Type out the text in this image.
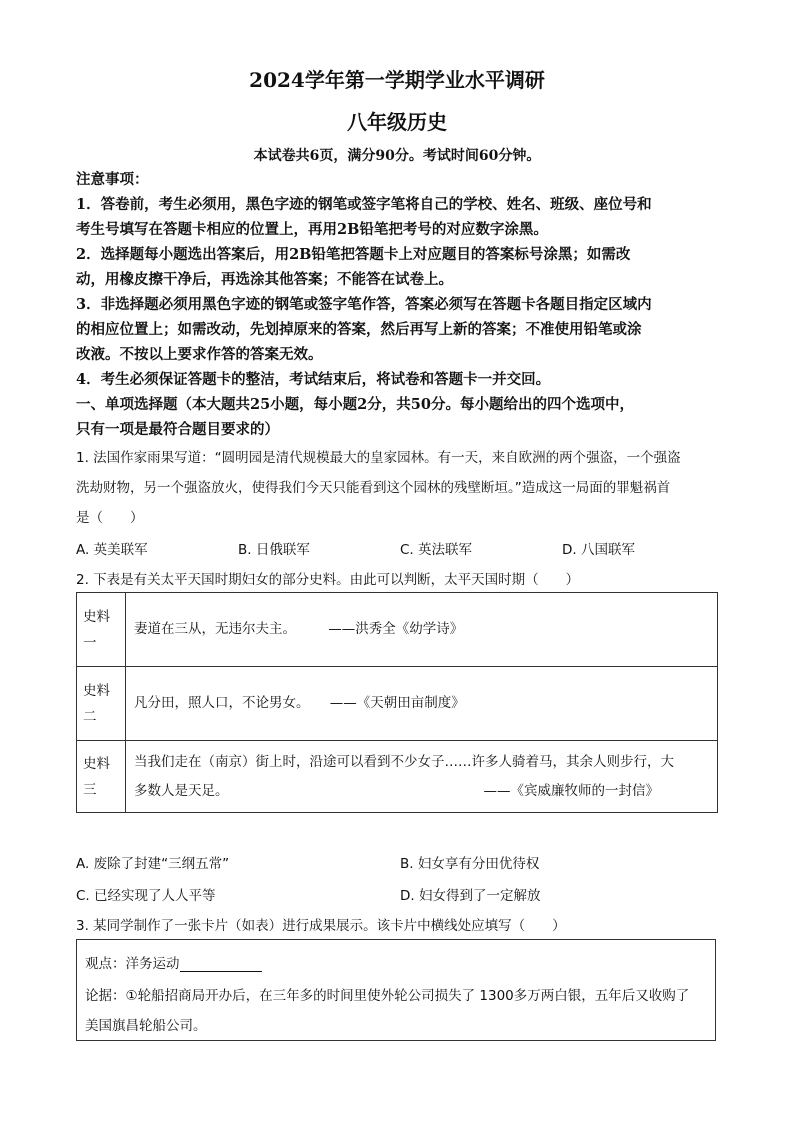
2024学年第一学期学业水平调研
八年级历史
本试卷共6页，满分90分。考试时间60分钟。
注意事项：
1．答卷前，考生必须用，黑色字迹的钢笔或签字笔将自己的学校、姓名、班级、座位号和
考生号填写在答题卡相应的位置上，再用2B铅笔把考号的对应数字涂黑。
2．选择题每小题选出答案后，用2B铅笔把答题卡上对应题目的答案标号涂黑；如需改
动，用橡皮擦干净后，再选涂其他答案；不能答在试卷上。
3．非选择题必须用黑色字迹的钢笔或签字笔作答，答案必须写在答题卡各题目指定区域内
的相应位置上；如需改动，先划掉原来的答案，然后再写上新的答案；不准使用铅笔或涂
改液。不按以上要求作答的答案无效。
4．考生必须保证答题卡的整洁，考试结束后，将试卷和答题卡一并交回。
一、单项选择题（本大题共25小题，每小题2分，共50分。每小题给出的四个选项中，
只有一项是最符合题目要求的）
1. 法国作家雨果写道：“圆明园是清代规模最大的皇家园林。有一天，来自欧洲的两个强盗，一个强盗
洗劫财物，另一个强盗放火，使得我们今天只能看到这个园林的残壁断垣。”造成这一局面的罪魁祸首
是（　　）
A. 英美联军	B. 日俄联军	C. 英法联军	D. 八国联军
2. 下表是有关太平天国时期妇女的部分史料。由此可以判断，太平天国时期（　　）
史料一	妻道在三从，无违尔夫主。 ——洪秀全《幼学诗》
史料二	凡分田，照人口，不论男女。 ——《天朝田亩制度》
史料三	当我们走在（南京）街上时，沿途可以看到不少女子……许多人骑着马，其余人则步行，大
多数人是天足。 ——《宾威廉牧师的一封信》
A. 废除了封建“三纲五常”	B. 妇女享有分田优待权
C. 已经实现了人人平等	D. 妇女得到了一定解放
3. 某同学制作了一张卡片（如表）进行成果展示。该卡片中横线处应填写（　　）
观点：洋务运动
论据：①轮船招商局开办后，在三年多的时间里使外轮公司损失了 1300多万两白银，五年后又收购了
美国旗昌轮船公司。
